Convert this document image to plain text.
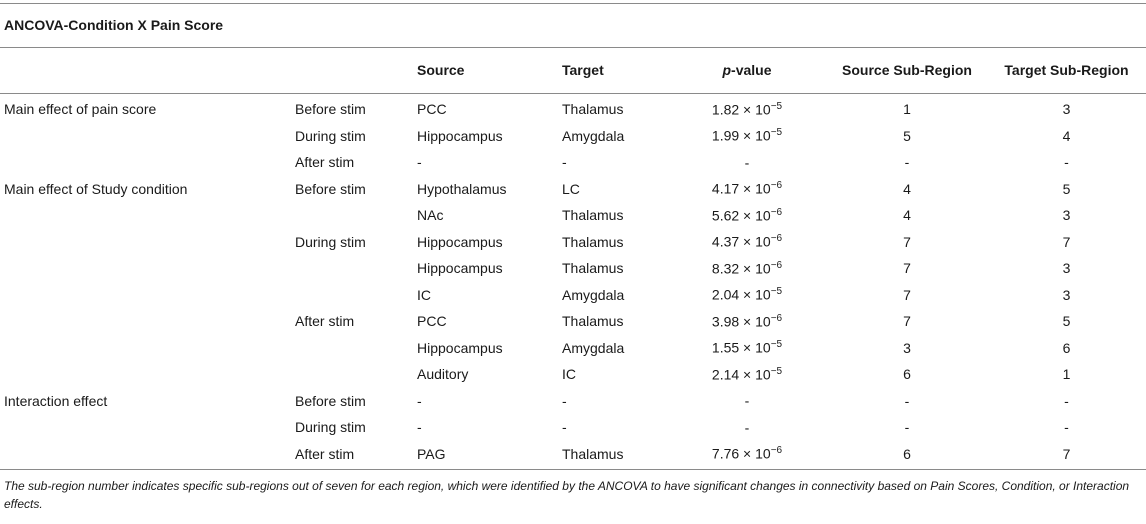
ANCOVA-Condition X Pain Score
		Source	Target	p-value	Source Sub-Region	Target Sub-Region
Main effect of pain score	Before stim	PCC	Thalamus	$1.82 \times 10^{-5}$	1	3
	During stim	Hippocampus	Amygdala	$1.99 \times 10^{-5}$	5	4
	After stim	-	-	-	-	-
Main effect of Study condition	Before stim	Hypothalamus	LC	$4.17 \times 10^{-6}$	4	5
		NAc	Thalamus	$5.62 \times 10^{-6}$	4	3
	During stim	Hippocampus	Thalamus	$4.37 \times 10^{-6}$	7	7
		Hippocampus	Thalamus	$8.32 \times 10^{-6}$	7	3
		IC	Amygdala	$2.04 \times 10^{-5}$	7	3
	After stim	PCC	Thalamus	$3.98 \times 10^{-6}$	7	5
		Hippocampus	Amygdala	$1.55 \times 10^{-5}$	3	6
		Auditory	IC	$2.14 \times 10^{-5}$	6	1
Interaction effect	Before stim	-	-	-	-	-
	During stim	-	-	-	-	-
	After stim	PAG	Thalamus	$7.76 \times 10^{-6}$	6	7
The sub-region number indicates specific sub-regions out of seven for each region, which were identified by the ANCOVA to have significant changes in connectivity based on Pain Scores, Condition, or Interaction effects.
